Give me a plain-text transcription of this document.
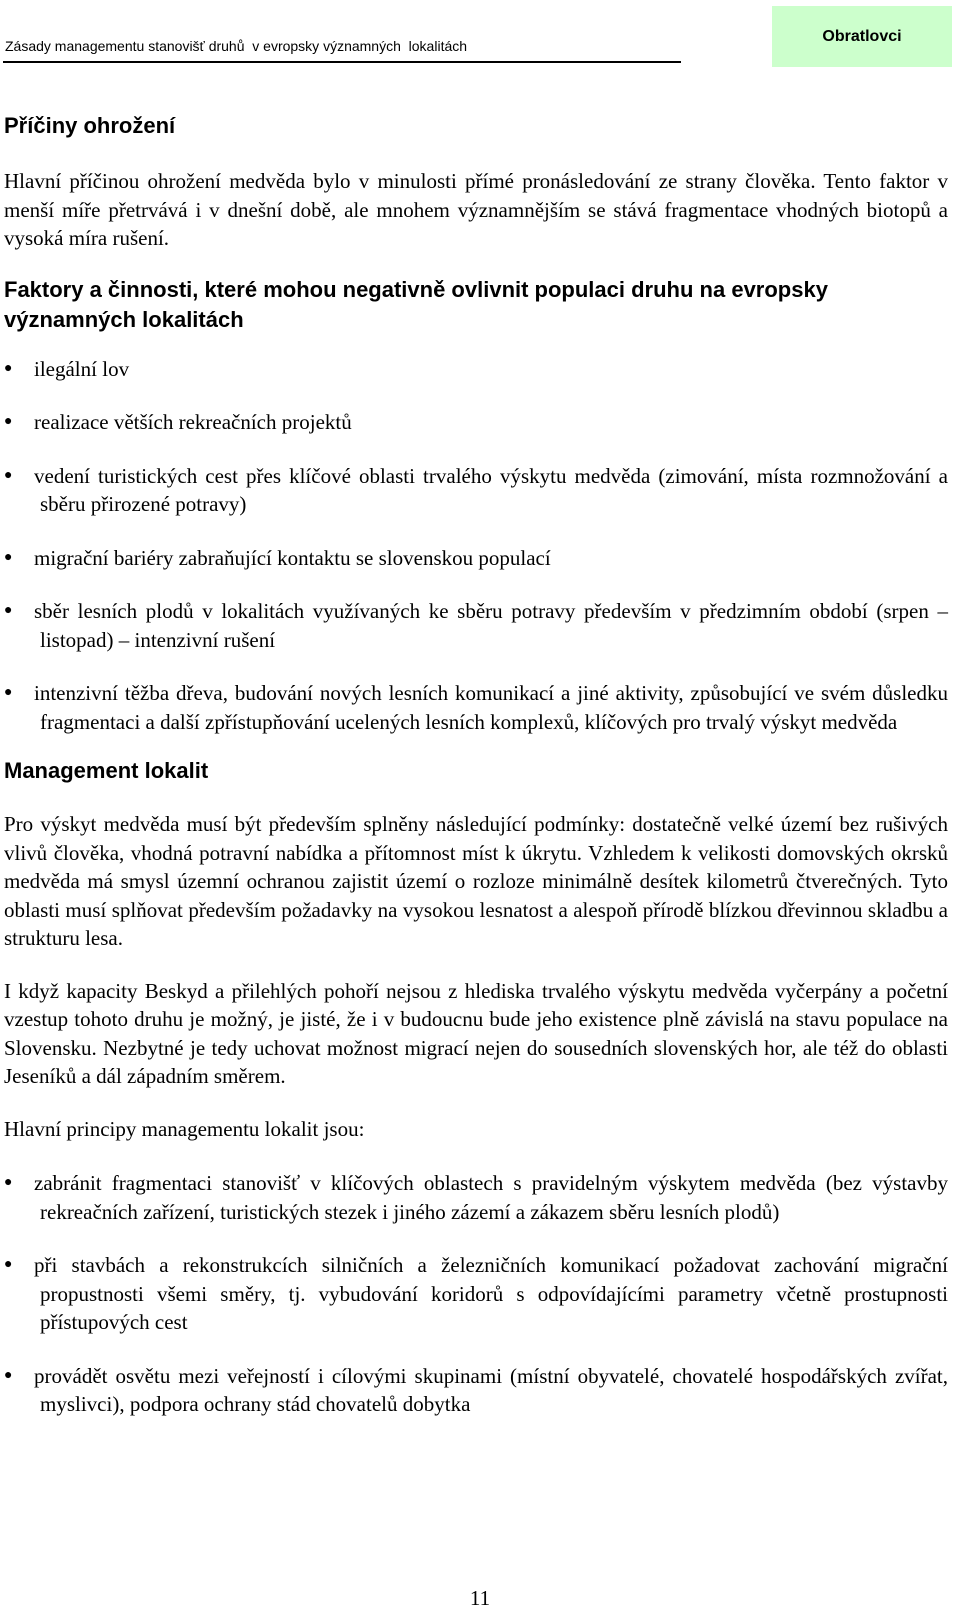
Zásady managementu stanovišť druhů  v evropsky významných  lokalitách
Obratlovci
Příčiny ohrožení

Hlavní příčinou ohrožení medvěda bylo v minulosti přímé pronásledování ze strany člověka. Tento faktor v menší míře přetrvává i v dnešní době, ale mnohem významnějším se stává fragmentace vhodných biotopů a vysoká míra rušení.

Faktory a činnosti, které mohou negativně ovlivnit populaci druhu na evropsky významných lokalitách
●	ilegální lov
●	realizace větších rekreačních projektů
●	vedení turistických cest přes klíčové oblasti trvalého výskytu medvěda (zimování, místa rozmnožování a sběru přirozené potravy)
●	migrační bariéry zabraňující kontaktu se slovenskou populací
●	sběr lesních plodů v lokalitách využívaných ke sběru potravy především v předzimním období (srpen – listopad) – intenzivní rušení
●	intenzivní těžba dřeva, budování nových lesních komunikací a jiné aktivity, způsobující ve svém důsledku fragmentaci a další zpřístupňování ucelených lesních komplexů, klíčových pro trvalý výskyt medvěda
Management lokalit

Pro výskyt medvěda musí být především splněny následující podmínky: dostatečně velké území bez rušivých vlivů člověka, vhodná potravní nabídka a přítomnost míst k úkrytu. Vzhledem k velikosti domovských okrsků medvěda má smysl územní ochranou zajistit území o rozloze minimálně desítek kilometrů čtverečných. Tyto oblasti musí splňovat především požadavky na vysokou lesnatost a alespoň přírodě blízkou dřevinnou skladbu a strukturu lesa.

I když kapacity Beskyd a přilehlých pohoří nejsou z hlediska trvalého výskytu medvěda vyčerpány a početní vzestup tohoto druhu je možný, je jisté, že i v budoucnu bude jeho existence plně závislá na stavu populace na Slovensku. Nezbytné je tedy uchovat možnost migrací nejen do sousedních slovenských hor, ale též do oblasti Jeseníků a dál západním směrem.

Hlavní principy managementu lokalit jsou:

●	zabránit fragmentaci stanovišť v klíčových oblastech s pravidelným výskytem medvěda (bez výstavby rekreačních zařízení, turistických stezek i jiného zázemí a zákazem sběru lesních plodů)
●	při stavbách a rekonstrukcích silničních a železničních komunikací požadovat zachování migrační propustnosti všemi směry, tj. vybudování koridorů s odpovídajícími parametry včetně prostupnosti přístupových cest
●	provádět osvětu mezi veřejností i cílovými skupinami (místní obyvatelé, chovatelé hospodářských zvířat, myslivci), podpora ochrany stád chovatelů dobytka
11
